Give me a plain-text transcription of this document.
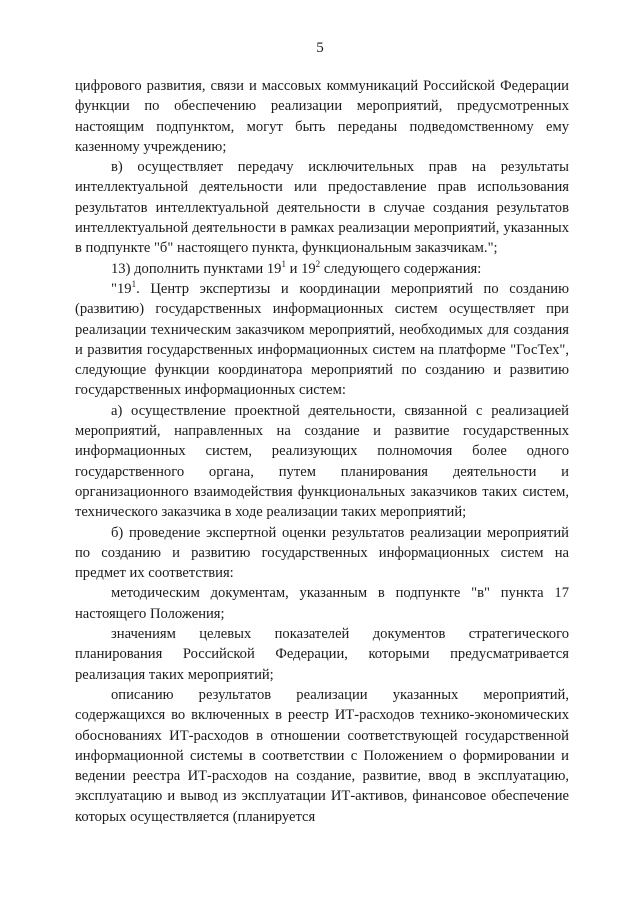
5

цифрового развития, связи и массовых коммуникаций Российской Федерации функции по обеспечению реализации мероприятий, предусмотренных настоящим подпунктом, могут быть переданы подведомственному ему казенному учреждению;

в) осуществляет передачу исключительных прав на результаты интеллектуальной деятельности или предоставление прав использования результатов интеллектуальной деятельности в случае создания результатов интеллектуальной деятельности в рамках реализации мероприятий, указанных в подпункте "б" настоящего пункта, функциональным заказчикам.";

13) дополнить пунктами $19^1$ и $19^2$ следующего содержания:

"$19^1$. Центр экспертизы и координации мероприятий по созданию (развитию) государственных информационных систем осуществляет при реализации техническим заказчиком мероприятий, необходимых для создания и развития государственных информационных систем на платформе "ГосТех", следующие функции координатора мероприятий по созданию и развитию государственных информационных систем:

а) осуществление проектной деятельности, связанной с реализацией мероприятий, направленных на создание и развитие государственных информационных систем, реализующих полномочия более одного государственного органа, путем планирования деятельности и организационного взаимодействия функциональных заказчиков таких систем, технического заказчика в ходе реализации таких мероприятий;

б) проведение экспертной оценки результатов реализации мероприятий по созданию и развитию государственных информационных систем на предмет их соответствия:

методическим документам, указанным в подпункте "в" пункта 17 настоящего Положения;

значениям целевых показателей документов стратегического планирования Российской Федерации, которыми предусматривается реализация таких мероприятий;

описанию результатов реализации указанных мероприятий, содержащихся во включенных в реестр ИТ-расходов технико-экономических обоснованиях ИТ-расходов в отношении соответствующей государственной информационной системы в соответствии с Положением о формировании и ведении реестра ИТ-расходов на создание, развитие, ввод в эксплуатацию, эксплуатацию и вывод из эксплуатации ИТ-активов, финансовое обеспечение которых осуществляется (планируется
